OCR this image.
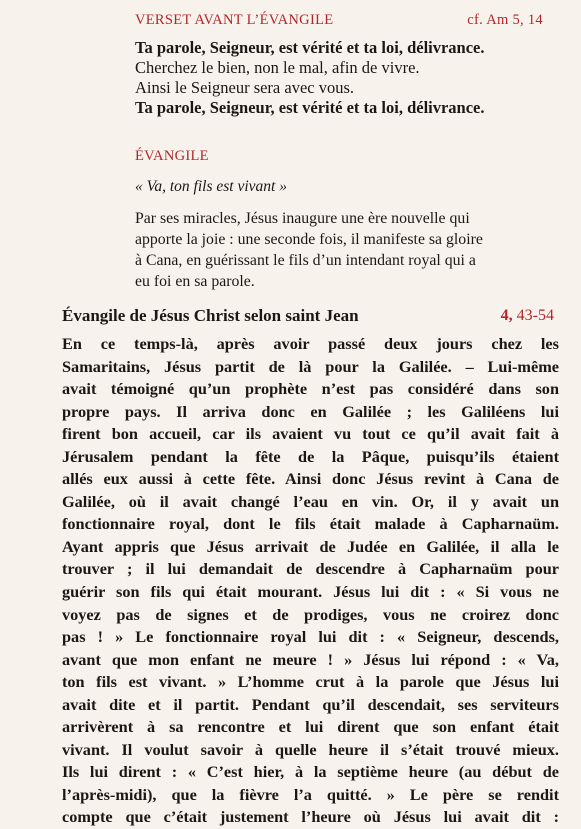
VERSET AVANT L’ÉVANGILE	cf. Am 5, 14
Ta parole, Seigneur, est vérité et ta loi, délivrance.
Cherchez le bien, non le mal, afin de vivre.
Ainsi le Seigneur sera avec vous.
Ta parole, Seigneur, est vérité et ta loi, délivrance.
ÉVANGILE
« Va, ton fils est vivant »
Par ses miracles, Jésus inaugure une ère nouvelle qui
apporte la joie : une seconde fois, il manifeste sa gloire
à Cana, en guérissant le fils d’un intendant royal qui a
eu foi en sa parole.
Évangile de Jésus Christ selon saint Jean	4, 43-54
En ce temps-là, après avoir passé deux jours chez les
Samaritains, Jésus partit de là pour la Galilée. – Lui-même
avait témoigné qu’un prophète n’est pas considéré dans son
propre pays. Il arriva donc en Galilée ; les Galiléens lui
firent bon accueil, car ils avaient vu tout ce qu’il avait fait à
Jérusalem pendant la fête de la Pâque, puisqu’ils étaient
allés eux aussi à cette fête. Ainsi donc Jésus revint à Cana de
Galilée, où il avait changé l’eau en vin. Or, il y avait un
fonctionnaire royal, dont le fils était malade à Capharnaüm.
Ayant appris que Jésus arrivait de Judée en Galilée, il alla le
trouver ; il lui demandait de descendre à Capharnaüm pour
guérir son fils qui était mourant. Jésus lui dit : « Si vous ne
voyez pas de signes et de prodiges, vous ne croirez donc
pas ! » Le fonctionnaire royal lui dit : « Seigneur, descends,
avant que mon enfant ne meure ! » Jésus lui répond : « Va,
ton fils est vivant. » L’homme crut à la parole que Jésus lui
avait dite et il partit. Pendant qu’il descendait, ses serviteurs
arrivèrent à sa rencontre et lui dirent que son enfant était
vivant. Il voulut savoir à quelle heure il s’était trouvé mieux.
Ils lui dirent : « C’est hier, à la septième heure (au début de
l’après-midi), que la fièvre l’a quitté. » Le père se rendit
compte que c’était justement l’heure où Jésus lui avait dit :
